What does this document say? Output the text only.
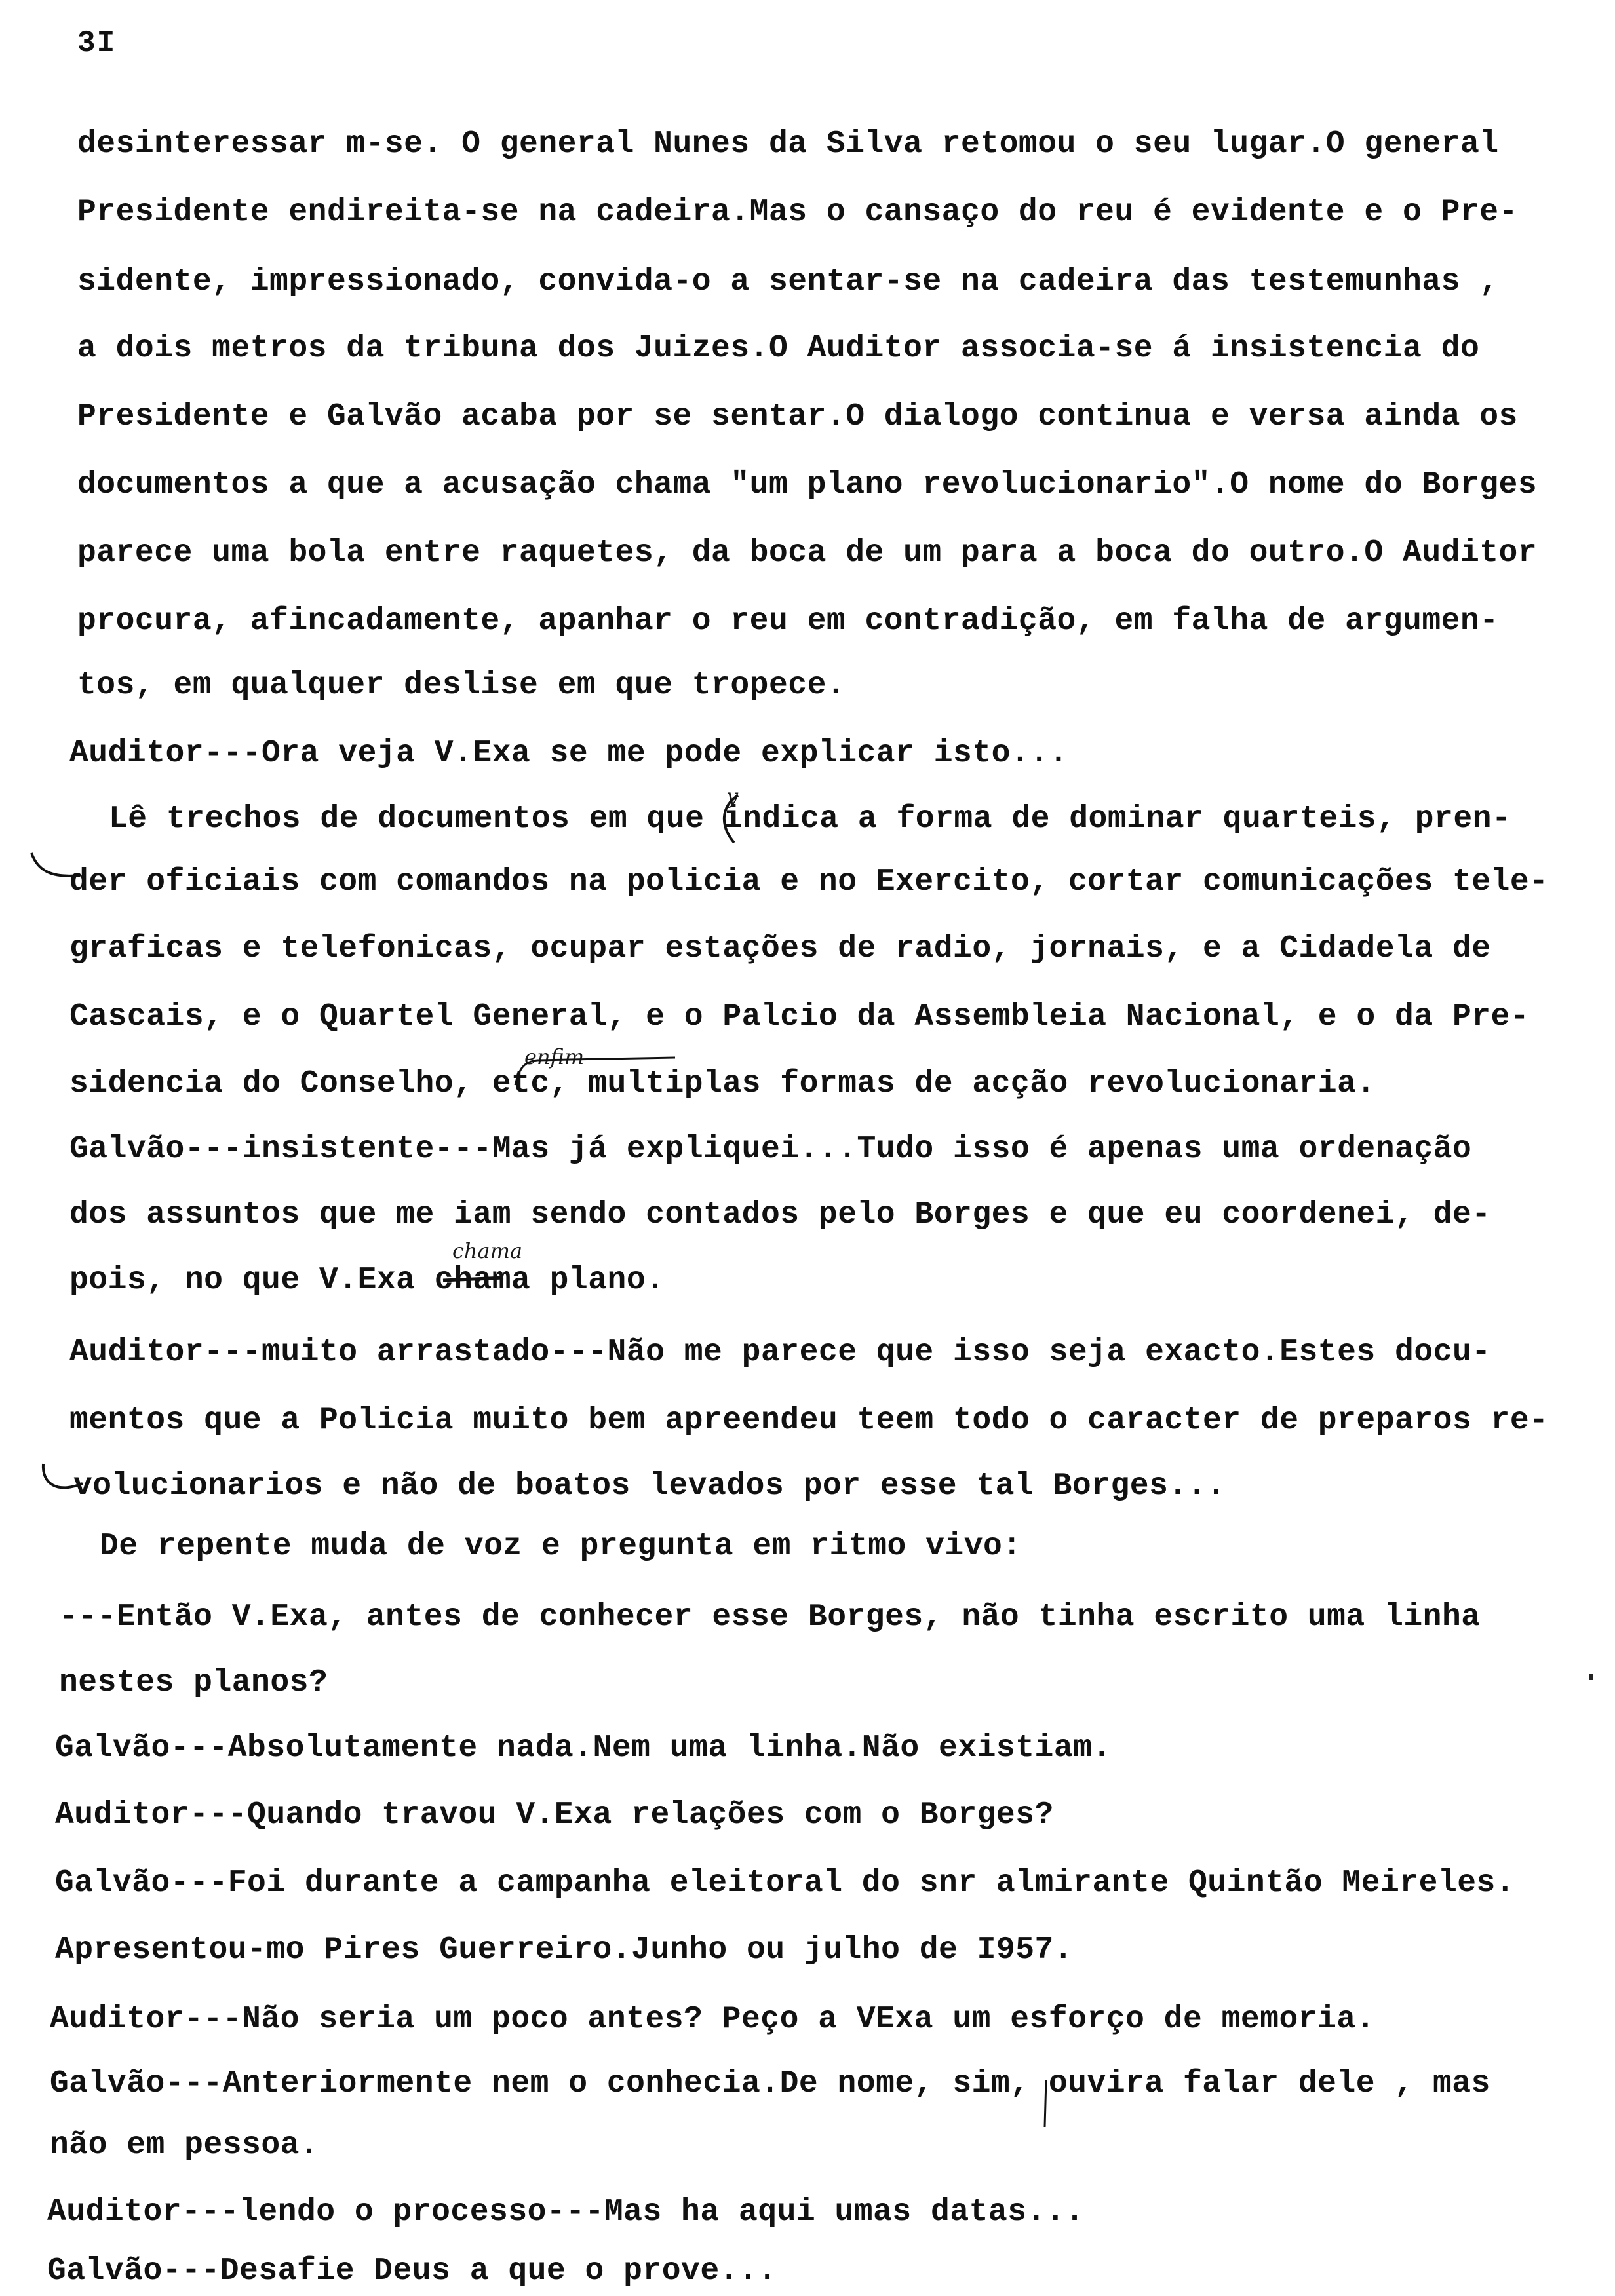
3I
desinteressar m-se. O general Nunes da Silva retomou o seu lugar.O general
Presidente endireita-se na cadeira.Mas o cansaço do reu é evidente e o Pre-
sidente, impressionado, convida-o a sentar-se na cadeira das testemunhas ,
a dois metros da tribuna dos Juizes.O Auditor associa-se á insistencia do
Presidente e Galvão acaba por se sentar.O dialogo continua e versa ainda os
documentos a que a acusação chama "um plano revolucionario".O nome do Borges
parece uma bola entre raquetes, da boca de um para a boca do outro.O Auditor
procura, afincadamente, apanhar o reu em contradição, em falha de argumen-
tos, em qualquer deslise em que tropece.
Auditor---Ora veja V.Exa se me pode explicar isto...
Lê trechos de documentos em que indica a forma de dominar quarteis, pren-
der oficiais com comandos na policia e no Exercito, cortar comunicações tele-
graficas e telefonicas, ocupar estações de radio, jornais, e a Cidadela de
Cascais, e o Quartel General, e o Palcio da Assembleia Nacional, e o da Pre-
sidencia do Conselho, etc, multiplas formas de acção revolucionaria.
Galvão---insistente---Mas já expliquei...Tudo isso é apenas uma ordenação
dos assuntos que me iam sendo contados pelo Borges e que eu coordenei, de-
pois, no que V.Exa chama plano.
Auditor---muito arrastado---Não me parece que isso seja exacto.Estes docu-
mentos que a Policia muito bem apreendeu teem todo o caracter de preparos re-
volucionarios e não de boatos levados por esse tal Borges...
De repente muda de voz e pregunta em ritmo vivo:
---Então V.Exa, antes de conhecer esse Borges, não tinha escrito uma linha
nestes planos?
Galvão---Absolutamente nada.Nem uma linha.Não existiam.
Auditor---Quando travou V.Exa relações com o Borges?
Galvão---Foi durante a campanha eleitoral do snr almirante Quintão Meireles.
Apresentou-mo Pires Guerreiro.Junho ou julho de I957.
Auditor---Não seria um poco antes? Peço a VExa um esforço de memoria.
Galvão---Anteriormente nem o conhecia.De nome, sim, ouvira falar dele , mas
não em pessoa.
Auditor---lendo o processo---Mas ha aqui umas datas...
Galvão---Desafie Deus a que o prove...
y
enfim
chama
